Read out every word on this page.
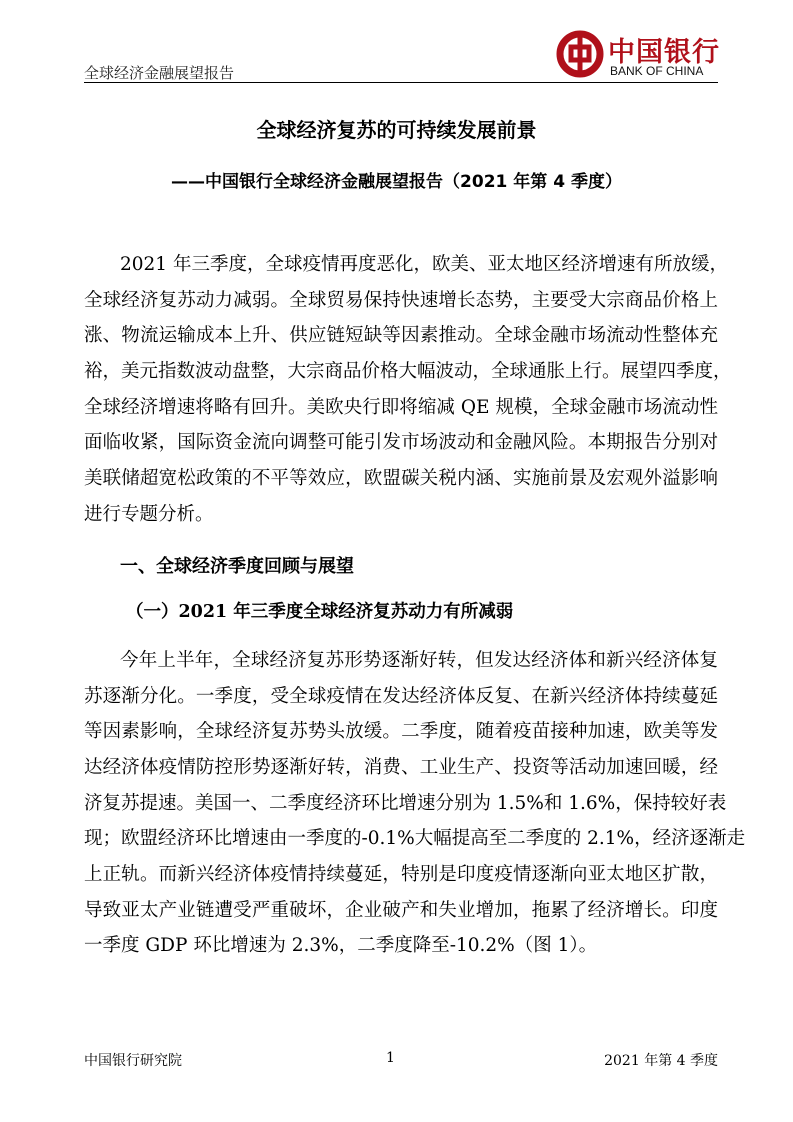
全球经济金融展望报告
中国银行
BANK OF CHINA
全球经济复苏的可持续发展前景
——中国银行全球经济金融展望报告（2021 年第 4 季度）
2021 年三季度，全球疫情再度恶化，欧美、亚太地区经济增速有所放缓，
全球经济复苏动力减弱。全球贸易保持快速增长态势，主要受大宗商品价格上
涨、物流运输成本上升、供应链短缺等因素推动。全球金融市场流动性整体充
裕，美元指数波动盘整，大宗商品价格大幅波动，全球通胀上行。展望四季度，
全球经济增速将略有回升。美欧央行即将缩减 QE 规模，全球金融市场流动性
面临收紧，国际资金流向调整可能引发市场波动和金融风险。本期报告分别对
美联储超宽松政策的不平等效应，欧盟碳关税内涵、实施前景及宏观外溢影响
进行专题分析。
一、全球经济季度回顾与展望
（一）2021 年三季度全球经济复苏动力有所减弱
今年上半年，全球经济复苏形势逐渐好转，但发达经济体和新兴经济体复
苏逐渐分化。一季度，受全球疫情在发达经济体反复、在新兴经济体持续蔓延
等因素影响，全球经济复苏势头放缓。二季度，随着疫苗接种加速，欧美等发
达经济体疫情防控形势逐渐好转，消费、工业生产、投资等活动加速回暖，经
济复苏提速。美国一、二季度经济环比增速分别为 1.5%和 1.6%，保持较好表
现；欧盟经济环比增速由一季度的-0.1%大幅提高至二季度的 2.1%，经济逐渐走
上正轨。而新兴经济体疫情持续蔓延，特别是印度疫情逐渐向亚太地区扩散，
导致亚太产业链遭受严重破坏，企业破产和失业增加，拖累了经济增长。印度
一季度 GDP 环比增速为 2.3%，二季度降至-10.2%（图 1）。
中国银行研究院	1	2021 年第 4 季度
